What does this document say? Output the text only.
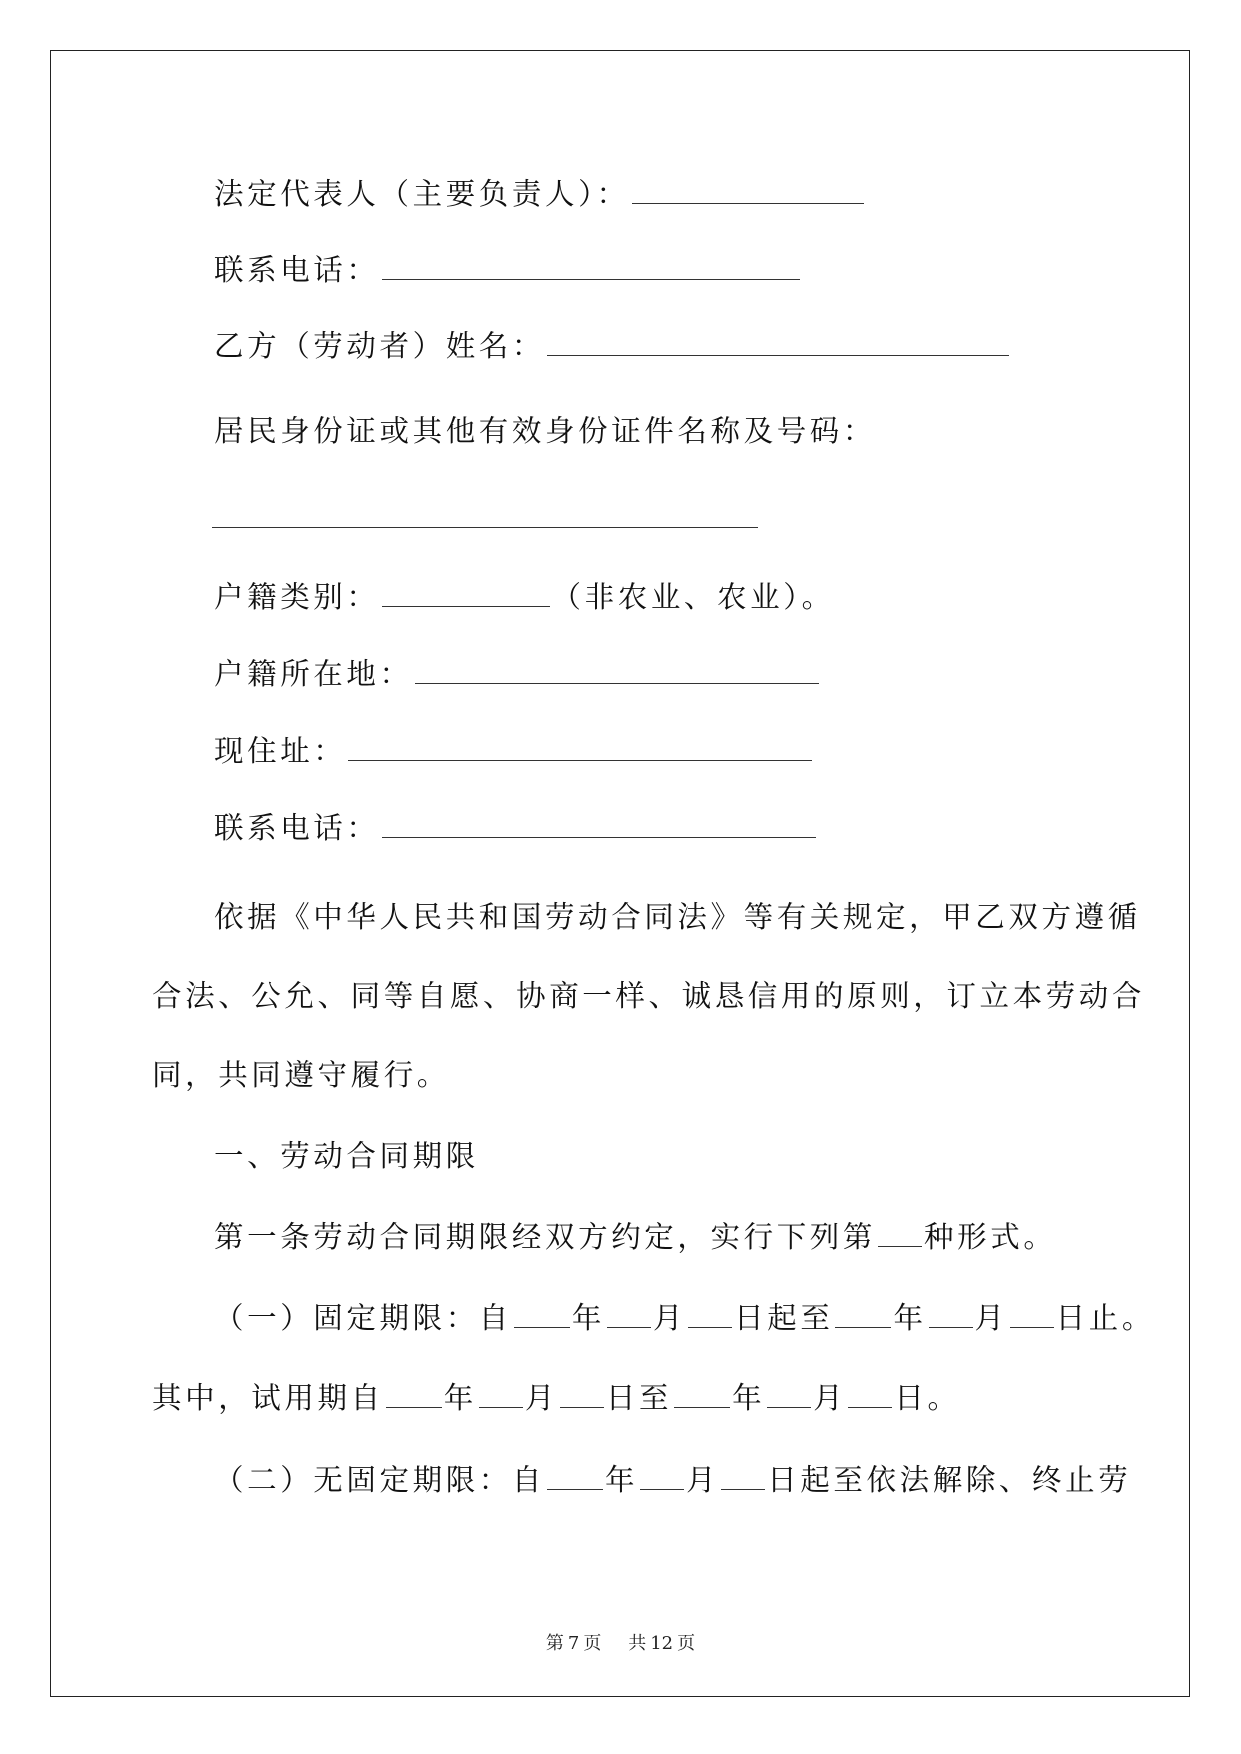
法定代表人（主要负责人）：
联系电话：
乙方（劳动者）姓名：
居民身份证或其他有效身份证件名称及号码：
户籍类别：	（非农业、农业）。
户籍所在地：
现住址：
联系电话：
依据《中华人民共和国劳动合同法》等有关规定，甲乙双方遵循
合法、公允、同等自愿、协商一样、诚恳信用的原则，订立本劳动合
同，共同遵守履行。
一、劳动合同期限
第一条劳动合同期限经双方约定，实行下列第 种形式。
（一）固定期限：自 年 月 日起至 年 月 日止。
其中，试用期自 年 月 日至 年 月 日。
（二）无固定期限：自 年 月 日起至依法解除、终止劳
第 7 页 共 12 页
